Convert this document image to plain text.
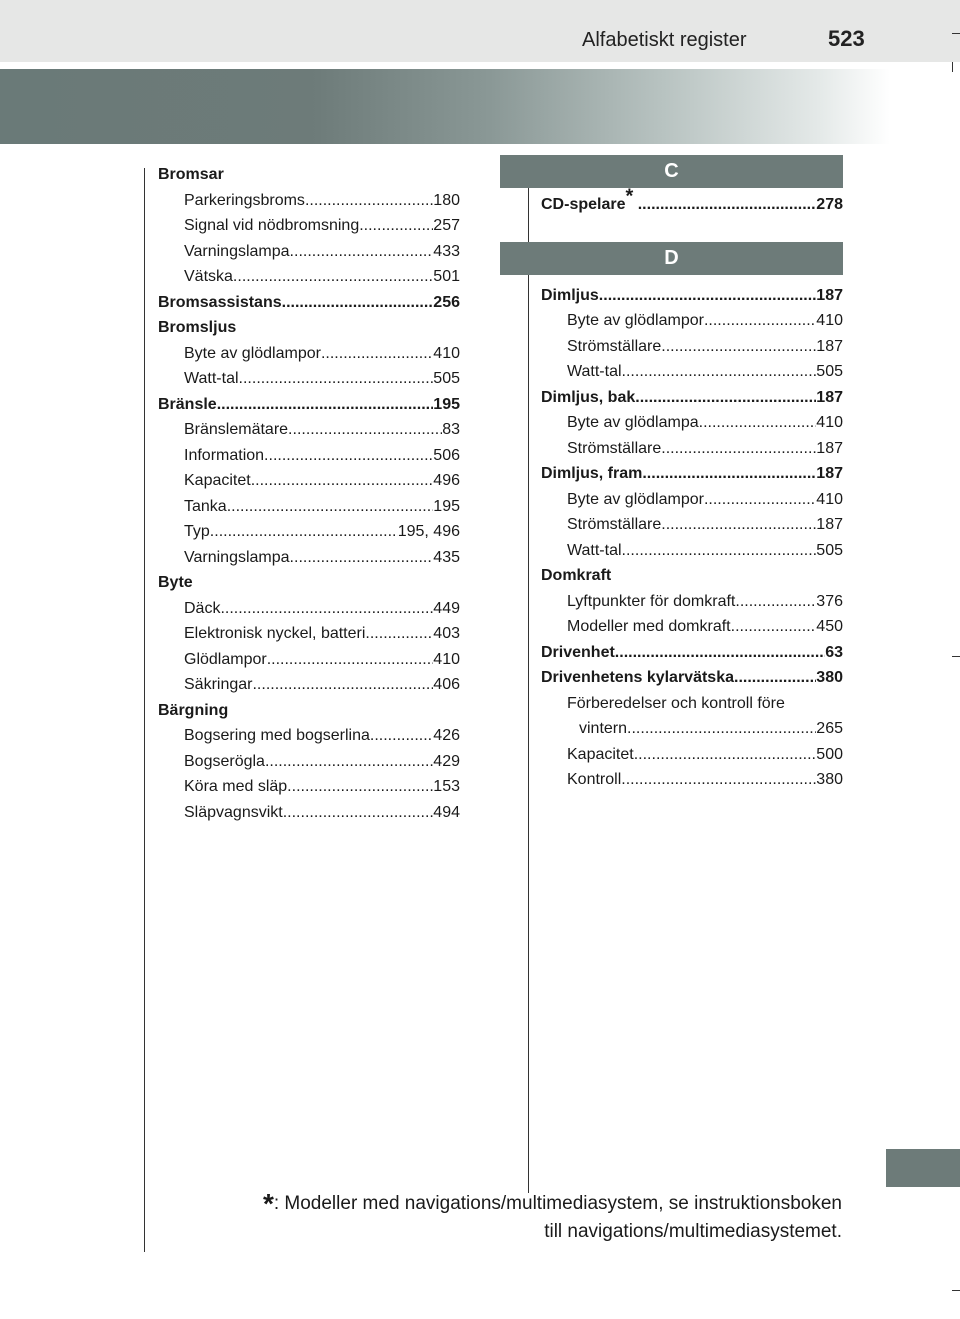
Alfabetiskt register	523
Bromsar
Parkeringsbroms .....	180
Signal vid nödbromsning .....	257
Varningslampa .....	433
Vätska .....	501
Bromsassistans .....	256
Bromsljus
Byte av glödlampor .....	410
Watt-tal .....	505
Bränsle .....	195
Bränslemätare .....	83
Information .....	506
Kapacitet .....	496
Tanka .....	195
Typ .....	195, 496
Varningslampa .....	435
Byte
Däck .....	449
Elektronisk nyckel, batteri .....	403
Glödlampor .....	410
Säkringar .....	406
Bärgning
Bogsering med bogserlina .....	426
Bogserögla .....	429
Köra med släp .....	153
Släpvagnsvikt .....	494
C
CD-spelare* .....	278
D
Dimljus .....	187
Byte av glödlampor .....	410
Strömställare .....	187
Watt-tal .....	505
Dimljus, bak .....	187
Byte av glödlampa .....	410
Strömställare .....	187
Dimljus, fram .....	187
Byte av glödlampor .....	410
Strömställare .....	187
Watt-tal .....	505
Domkraft
Lyftpunkter för domkraft .....	376
Modeller med domkraft .....	450
Drivenhet .....	63
Drivenhetens kylarvätska .....	380
Förberedelser och kontroll före
vintern .....	265
Kapacitet .....	500
Kontroll .....	380
*: Modeller med navigations/multimediasystem, se instruktionsboken
till navigations/multimediasystemet.
